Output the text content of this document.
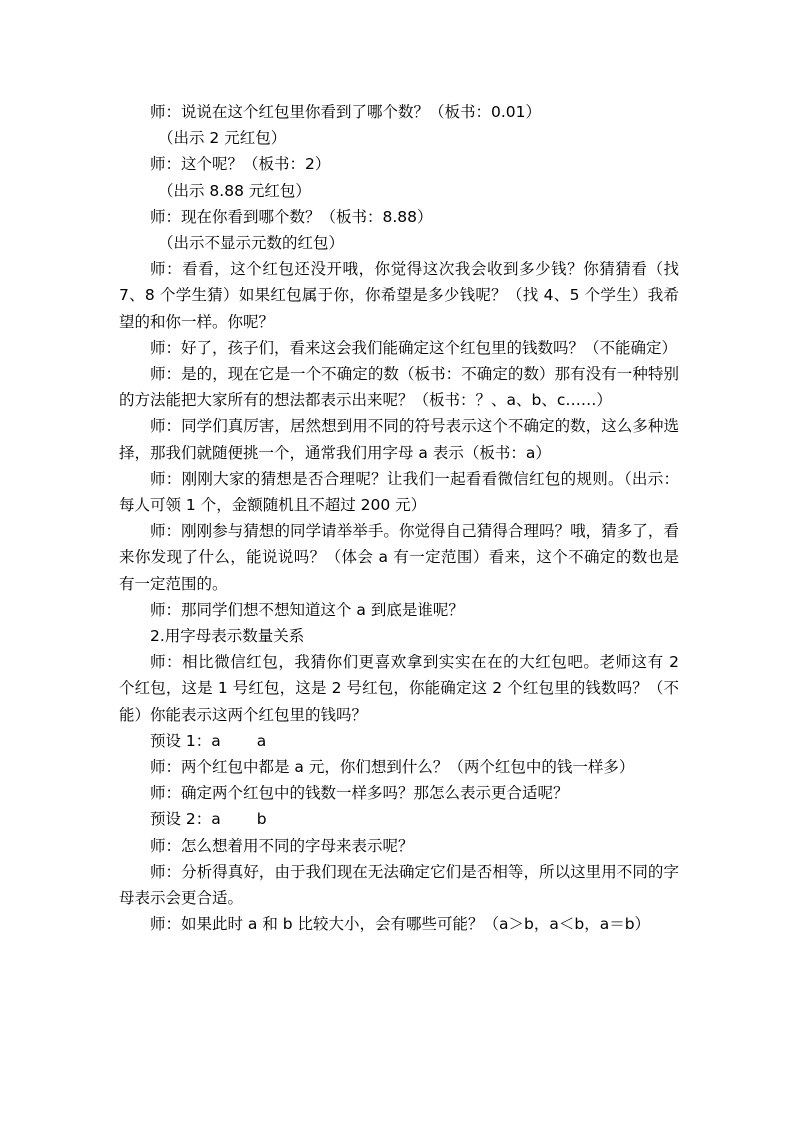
师：说说在这个红包里你看到了哪个数？（板书：0.01）

（出示 2 元红包）

师：这个呢？（板书：2）

（出示 8.88 元红包）

师：现在你看到哪个数？（板书：8.88）

（出示不显示元数的红包）

师：看看，这个红包还没开哦，你觉得这次我会收到多少钱？你猜猜看（找 7、8 个学生猜）如果红包属于你，你希望是多少钱呢？（找 4、5 个学生）我希望的和你一样。你呢？

师：好了，孩子们，看来这会我们能确定这个红包里的钱数吗？（不能确定）

师：是的，现在它是一个不确定的数（板书：不确定的数）那有没有一种特别的方法能把大家所有的想法都表示出来呢？（板书：？、a、b、c……）

师：同学们真厉害，居然想到用不同的符号表示这个不确定的数，这么多种选择，那我们就随便挑一个，通常我们用字母 a 表示（板书：a）

师：刚刚大家的猜想是否合理呢？让我们一起看看微信红包的规则。（出示：每人可领 1 个，金额随机且不超过 200 元）

师：刚刚参与猜想的同学请举举手。你觉得自己猜得合理吗？哦，猜多了，看来你发现了什么，能说说吗？（体会 a 有一定范围）看来，这个不确定的数也是有一定范围的。

师：那同学们想不想知道这个 a 到底是谁呢？

2.用字母表示数量关系

师：相比微信红包，我猜你们更喜欢拿到实实在在的大红包吧。老师这有 2 个红包，这是 1 号红包，这是 2 号红包，你能确定这 2 个红包里的钱数吗？（不能）你能表示这两个红包里的钱吗？

预设 1：a　　 a

师：两个红包中都是 a 元，你们想到什么？（两个红包中的钱一样多）

师：确定两个红包中的钱数一样多吗？那怎么表示更合适呢？

预设 2：a　　 b

师：怎么想着用不同的字母来表示呢？

师：分析得真好，由于我们现在无法确定它们是否相等，所以这里用不同的字母表示会更合适。

师：如果此时 a 和 b 比较大小，会有哪些可能？（a＞b，a＜b，a＝b）
